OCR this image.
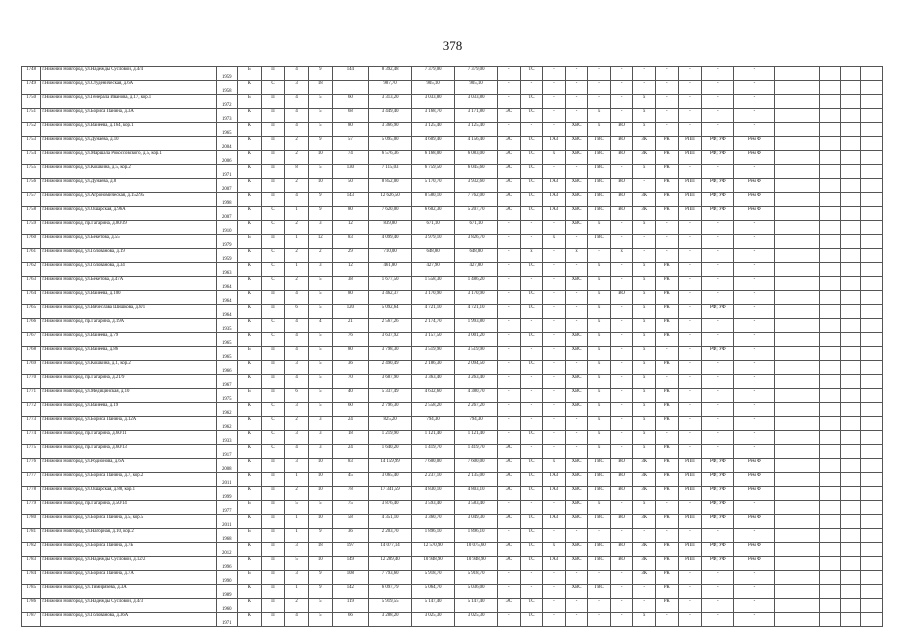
378
1748	г.Нижний Новгород, ул.Надежды Сусловой, д.4/4	1959	Б	П	4	9	144	8 392,48	7 379,00	7 379,00	-	ТС	-	-	-	-	-	-	-	-	-				
1749	г.Нижний Новгород, ул.Студеническая, д.6А	1958	К	С	3	18		987,70	905,10	905,10	-	-	-	-	-	-	-	-	-	-	-				
1750	г.Нижний Новгород, ул.Генерала Иванова, д.17, кор.1	1972	Б	П	4	5	60	3 313,20	3 033,80	3 033,80	-	ТС	-	-	-	-	х	-	-	-	-				
1751	г.Нижний Новгород, ул.Бориса Панина, д.3А	1973	К	П	4	5	68	3 449,40	3 168,70	3 171,80	ЭС	ТС	-	-	х	-	х	-	-	-	-				
1752	г.Нижний Новгород, ул.Вайеева, д.164, кор.1	1965	К	П	4	5	80	3 366,90	3 125,40	3 125,40	-	-	-	ХВС	х	ВО	х	-	-	-	-				
1753	г.Нижний Новгород, ул.Дунаева, д.10	2004	К	П	2	9	57	5 095,00	4 609,40	4 156,40	ЭС	ТС	ГАЗ	ХВС	ГВС	ВО	ЗК	РК	РПП	РФ; УФ	Рем Ф				
1754	г.Нижний Новгород, ул.Маршала Рокоссовского, д.5, кор.1	2006	К	П	2	10	74	6 576,36	6 168,00	6 083,00	ЭС	ТС	х	ХВС	ГВС	ВО	ЗК	РК	РПП	РФ; УФ	Рем Ф				
1755	г.Нижний Новгород, ул.Кошкина, д.5, кор.2	1971	К	П	8	5	130	7 115,03	6 759,50	6 045,60	ЭС	ТС	-	-	ГВС	-	х	РК	-	-	-				
1756	г.Нижний Новгород, ул.Дунаева, д.8	2007	К	П	2	10	50	8 852,00	5 170,70	3 932,60	ЭС	ТС	ГАЗ	ХВС	ГВС	ВО	-	РК	РПП	РФ; УФ	Рем Ф				
1757	г.Нижний Новгород, ул.Агрономическая, д.152/95	1998	К	П	4	9	143	12 626,50	8 580,10	7 762,00	ЭС	ТС	ГАЗ	ХВС	ГВС	ВО	ЗК	РК	РПП	РФ; УФ	Рем Ф				
1758	г.Нижний Новгород, ул.Ошарская, д.96А	2007	К	С	1	9	80	7 620,00	6 602,30	5 207,70	ЭС	ТС	ГАЗ	ХВС	ГВС	ВО	ЗК	РК	РПП	РФ; УФ	Рем Ф				
1759	г.Нижний Новгород, пр.Гагарина, д.80/39	1910	К	С	2	3	12	839,80	671,10	671,10	-	-	-	ХВС	х	-	х	-	-	-	-				
1760	г.Нижний Новгород, ул.Бекетова, д.55	1979	Б	П	1	12	83	4 099,40	3 979,10	3 826,70	-	-	х	-	ГВС	-	-	-	-	-	-				
1761	г.Нижний Новгород, ул.Голованова, д.19	1959	К	С	2	2	29	710,00	648,80	648,80	-	х	-	х	-	х	-	-	-	-	-				
1762	г.Нижний Новгород, ул.Голованова, д.34	1963	К	С	1	3	12	461,80	427,90	427,80	-	ТС	-	-	х	-	х	РК	-	-	-				
1763	г.Нижний Новгород, ул.Бекетова, д.47А	1964	К	С	2	5	38	1 677,50	1 558,30	1 486,20	-	-	-	ХВС	х	-	х	РК	-	-	-				
1764	г.Нижний Новгород, ул.Вайеева, д.100	1964	К	П	4	5	80	3 462,37	3 170,90	3 170,90	-	ТС	-	-	х	ВО	х	РК	-	-	-				
1765	г.Нижний Новгород, ул.Вячеслава Шишкова, д.8/1	1964	К	П	6	5	120	5 092,64	4 721,10	4 721,10	-	ТС	-	-	х	-	х	РК	-	РФ; УФ	-				
1766	г.Нижний Новгород, пр.Гагарина, д.19А	1935	К	С	4	4	21	2 567,26	2 174,70	1 993,80	-	-	-	-	х	-	х	РК	-	-	-				
1767	г.Нижний Новгород, ул.Вайеева, д.79	1965	К	С	4	5	76	3 637,92	3 157,50	3 001,20	-	ТС	-	ХВС	х	-	х	РК	-	-	-				
1768	г.Нижний Новгород, ул.Вайеева, д.86	1965	Б	П	4	5	80	3 798,30	3 519,90	3 519,90	-	-	-	ХВС	х	-	х	-	-	РФ; УФ	-				
1769	г.Нижний Новгород, ул.Кошкина, д.1, кор.2	1966	К	П	3	5	36	2 490,49	2 186,30	2 094,50	-	ТС	-	-	х	-	х	РК	-	-	-				
1770	г.Нижний Новгород, пр.Гагарина, д.21/9	1967	К	П	4	5	70	3 687,90	3 363,40	3 263,40	-	-	-	ХВС	х	-	х	-	-	-	-				
1771	г.Нижний Новгород, ул.Медицинская, д.10	1975	Б	П	6	5	40	5 337,49	4 632,60	4 380,70	-	-	-	ХВС	х	-	х	РК	-	-	-				
1772	г.Нижний Новгород, ул.Вайеева, д.19	1962	К	С	3	5	60	2 796,30	2 558,20	2 267,20	-	-	-	ХВС	х	-	х	РК	-	-	-				
1773	г.Нижний Новгород, ул.Бориса Панина, д.12А	1962	К	С	2	3	24	825,20	794,30	794,30	-	-	-	-	х	-	х	РК	-	-	-				
1774	г.Нижний Новгород, пр.Гагарина, д.60/11	1933	К	С	3	3	18	1 219,90	1 121,40	1 121,40	-	ТС	-	-	х	-	х	-	-	-	-				
1775	г.Нижний Новгород, пр.Гагарина, д.60/13	1917	К	С	4	3	24	1 640,20	1 419,70	1 419,70	ЭС	-	-	-	х	-	х	РК	-	-	-				
1776	г.Нижний Новгород, ул.Родионова, д.6А	2008	К	П	3	10	83	14 159,99	7 600,00	7 600,00	ЭС	ТС	х	ХВС	ГВС	ВО	ЗК	РК	РПП	РФ; УФ	Рем Ф				
1777	г.Нижний Новгород, ул.Бориса Панина, д.7, кор.2	2011	К	П	1	10	45	3 065,40	2 237,10	2 135,00	ЭС	ТС	ГАЗ	ХВС	ГВС	ВО	ЗК	РК	РПП	РФ; УФ	Рем Ф				
1778	г.Нижний Новгород, ул.Ошарская, д.88, кор.1	1999	К	П	2	10	78	17 341,59	4 830,10	4 803,10	ЭС	ТС	ГАЗ	ХВС	ГВС	ВО	ЗК	РК	РПП	РФ; УФ	Рем Ф				
1779	г.Нижний Новгород, пр.Гагарина, д.50/14	1977	Б	П	5	5	75	3 876,40	3 593,40	3 583,40	-	-	-	ХВС	х	-	х	-	-	РФ; УФ	-				
1780	г.Нижний Новгород, ул.Бориса Панина, д.5, кор.5	2011	К	П	1	10	58	4 351,10	3 360,70	3 049,30	ЭС	ТС	ГАЗ	ХВС	ГВС	ВО	ЗК	РК	РПП	РФ; УФ	Рем Ф				
1781	г.Нижний Новгород, ул.Нагорная, д.10, кор.2	1968	Б	П	1	9	36	2 203,70	1 896,10	1 896,10	-	ТС	-	-	-	-	-	-	-	-	-				
1782	г.Нижний Новгород, ул.Бориса Панина, д.7Б	2012	К	П	3	18	197	14 077,14	12 570,90	10 075,60	ЭС	ТС	х	ХВС	ГВС	ВО	ЗК	РК	РПП	РФ; УФ	Рем Ф				
1783	г.Нижний Новгород, ул.Надежды Сусловой, д.12/2	1996	К	П	5	10	149	12 289,40	10 948,90	10 948,90	ЭС	ТС	ГАЗ	ХВС	ГВС	ВО	ЗК	РК	РПП	РФ; УФ	Рем Ф				
1784	г.Нижний Новгород, ул.Бориса Панина, д.7А	1990	Б	П	3	9	108	7 793,60	5 918,70	5 918,70	-	-	-	-	-	-	ЗК	РК	-	-	-				
1785	г.Нижний Новгород, ул.Тимирязева, д.3А	1989	К	П	1	9	142	6 097,79	5 064,70	5 036,00	-	-	-	ХВС	ГВС	-	-	РК	-	-	-				
1786	г.Нижний Новгород, ул.Надежды Сусловой, д.4/3	1960	К	П	2	5	119	5 919,55	5 147,40	5 147,40	ЭС	ТС	-	-	-	-	-	РК	-	-	-				
1787	г.Нижний Новгород, ул.Голованова, д.36А	1971	К	П	4	5	66	3 288,20	3 025,30	3 025,30	-	ТС	-	-	-	-	х	-	-	-	-				
